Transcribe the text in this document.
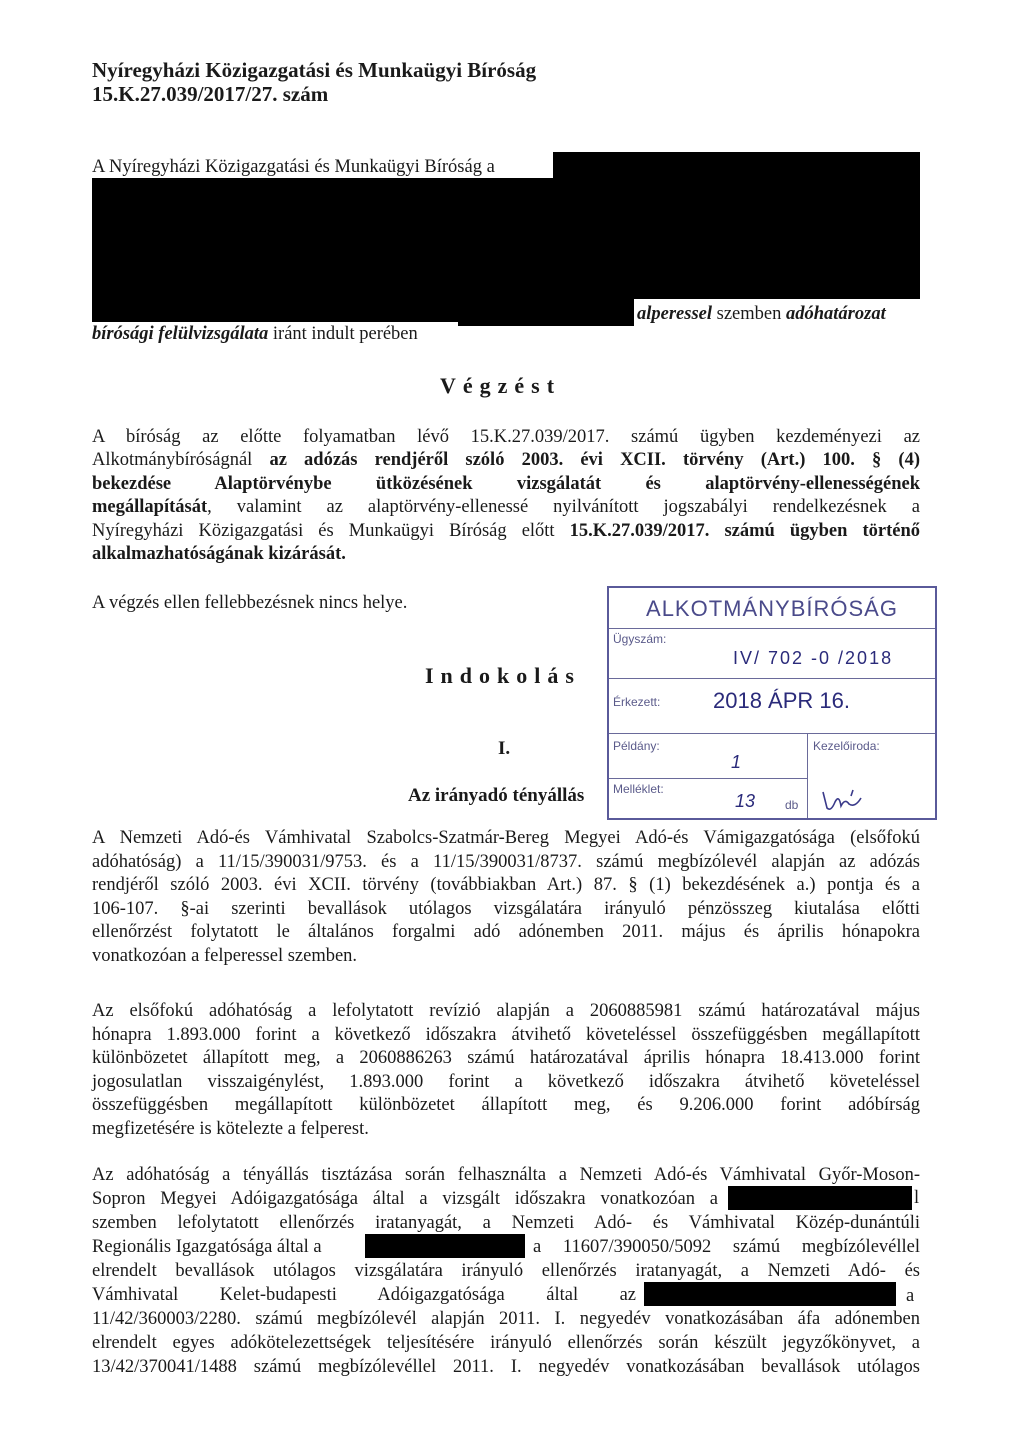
Nyíregyházi Közigazgatási és Munkaügyi Bíróság
15.K.27.039/2017/27. szám
A Nyíregyházi Közigazgatási és Munkaügyi Bíróság a
alperessel szemben adóhatározat
bírósági felülvizsgálata iránt indult perében
Végzést
A bíróság az előtte folyamatban lévő 15.K.27.039/2017. számú ügyben kezdeményezi az
Alkotmánybíróságnál az adózás rendjéről szóló 2003. évi XCII. törvény (Art.) 100. § (4)
bekezdése Alaptörvénybe ütközésének vizsgálatát és alaptörvény-ellenességének
megállapítását, valamint az alaptörvény-ellenessé nyilvánított jogszabályi rendelkezésnek a
Nyíregyházi Közigazgatási és Munkaügyi Bíróság előtt 15.K.27.039/2017. számú ügyben történő
alkalmazhatóságának kizárását.
A végzés ellen fellebbezésnek nincs helye.
Indokolás
I.
Az irányadó tényállás
ALKOTMÁNYBÍRÓSÁG
Ügyszám:
IV/ 702 -0 /2018
Érkezett: 2018 ÁPR 16.
Példány:
1
Kezelőiroda:
Melléklet:
13 db
A Nemzeti Adó-és Vámhivatal Szabolcs-Szatmár-Bereg Megyei Adó-és Vámigazgatósága (elsőfokú
adóhatóság) a 11/15/390031/9753. és a 11/15/390031/8737. számú megbízólevél alapján az adózás
rendjéről szóló 2003. évi XCII. törvény (továbbiakban Art.) 87. § (1) bekezdésének a.) pontja és a
106-107. §-ai szerinti bevallások utólagos vizsgálatára irányuló pénzösszeg kiutalása előtti
ellenőrzést folytatott le általános forgalmi adó adónemben 2011. május és április hónapokra
vonatkozóan a felperessel szemben.
Az elsőfokú adóhatóság a lefolytatott revízió alapján a 2060885981 számú határozatával május
hónapra 1.893.000 forint a következő időszakra átvihető követeléssel összefüggésben megállapított
különbözetet állapított meg, a 2060886263 számú határozatával április hónapra 18.413.000 forint
jogosulatlan visszaigénylést, 1.893.000 forint a következő időszakra átvihető követeléssel
összefüggésben megállapított különbözetet állapított meg, és 9.206.000 forint adóbírság
megfizetésére is kötelezte a felperest.
Az adóhatóság a tényállás tisztázása során felhasználta a Nemzeti Adó-és Vámhivatal Győr-Moson-
Sopron Megyei Adóigazgatósága által a vizsgált időszakra vonatkozóan a	l
szemben lefolytatott ellenőrzés iratanyagát, a Nemzeti Adó- és Vámhivatal Közép-dunántúli
Regionális Igazgatósága által a	a 11607/390050/5092 számú megbízólevéllel
elrendelt bevallások utólagos vizsgálatára irányuló ellenőrzés iratanyagát, a Nemzeti Adó- és
Vámhivatal Kelet-budapesti Adóigazgatósága által az	a
11/42/360003/2280. számú megbízólevél alapján 2011. I. negyedév vonatkozásában áfa adónemben
elrendelt egyes adókötelezettségek teljesítésére irányuló ellenőrzés során készült jegyzőkönyvet, a
13/42/370041/1488 számú megbízólevéllel 2011. I. negyedév vonatkozásában bevallások utólagos
